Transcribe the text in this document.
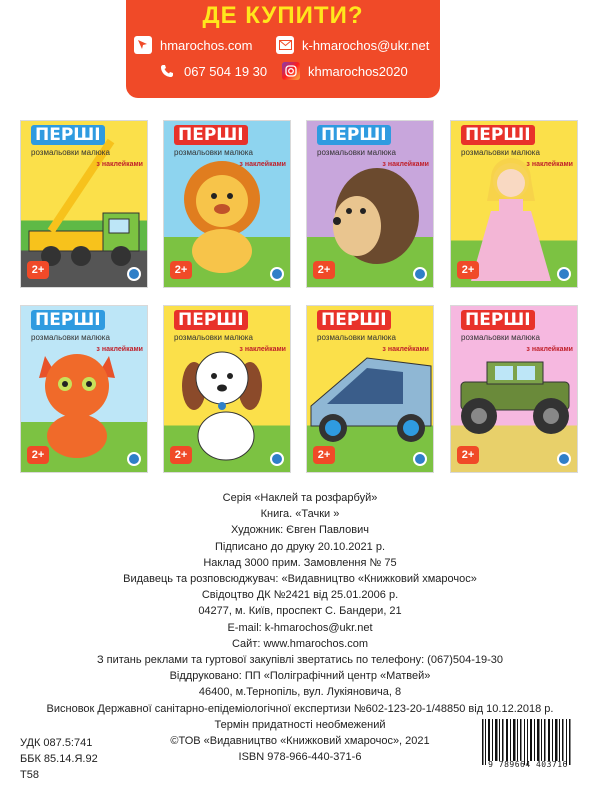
ДЕ КУПИТИ?
hmarochos.com	k-hmarochos@ukr.net
067 504 19 30	khmarochos2020
ПЕРШІ
розмальовки малюка
з наклейками
2+
ПЕРШІ
розмальовки малюка
з наклейками
2+
ПЕРШІ
розмальовки малюка
з наклейками
2+
ПЕРШІ
розмальовки малюка
з наклейками
2+
ПЕРШІ
розмальовки малюка
з наклейками
2+
ПЕРШІ
розмальовки малюка
з наклейками
2+
ПЕРШІ
розмальовки малюка
з наклейками
2+
ПЕРШІ
розмальовки малюка
з наклейками
2+

Серія «Наклей та розфарбуй»

Книга. «Тачки »

Художник: Євген Павлович

Підписано до друку 20.10.2021 р.

Наклад 3000 прим. Замовлення № 75

Видавець та розповсюджувач: «Видавництво «Книжковий хмарочос»

Свідоцтво ДК №2421 від 25.01.2006 р.

04277, м. Київ, проспект С. Бандери, 21

E-mail: k-hmarochos@ukr.net

Сайт: www.hmarochos.com

З питань реклами та гуртової закупівлі звертатись по телефону: (067)504-19-30

Віддруковано: ПП «Поліграфічний центр «Матвей»

46400, м.Тернопіль, вул. Лукіяновича, 8

Висновок Державної санітарно-епідеміологічної експертизи №602-123-20-1/48850 від 10.12.2018 р.

Термін придатності необмежений

©ТОВ «Видавництво «Книжковий хмарочос», 2021

ISBN 978-966-440-371-6

УДК 087.5:741
ББК 85.14.Я.92
Т58
9 789664 403716
